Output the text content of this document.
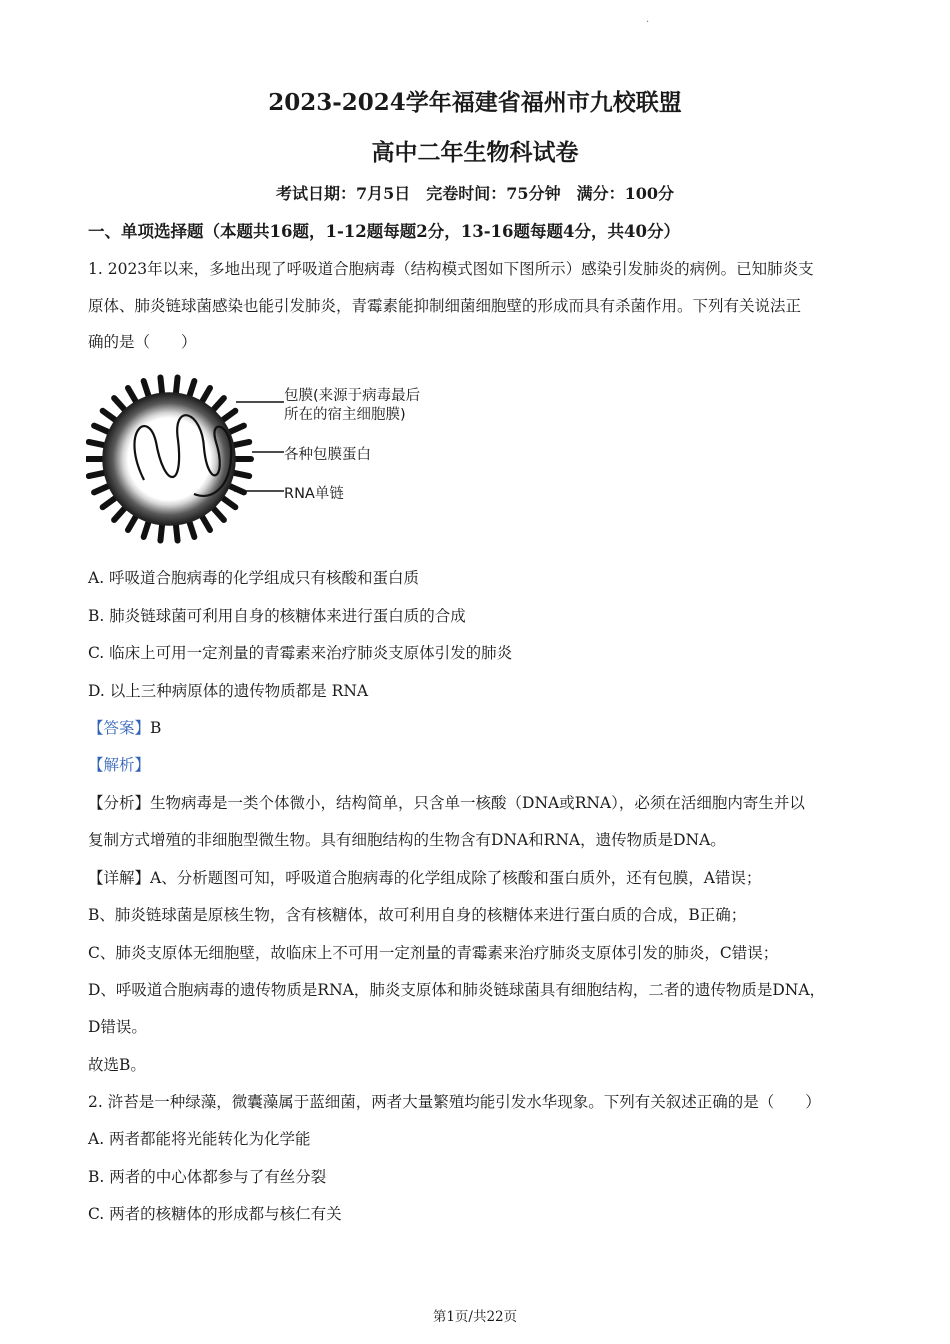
.
2023-2024学年福建省福州市九校联盟
高中二年生物科试卷
考试日期：7月5日　完卷时间：75分钟　满分：100分
一、单项选择题（本题共16题，1-12题每题2分，13-16题每题4分，共40分）
1. 2023年以来，多地出现了呼吸道合胞病毒（结构模式图如下图所示）感染引发肺炎的病例。已知肺炎支
原体、肺炎链球菌感染也能引发肺炎，青霉素能抑制细菌细胞壁的形成而具有杀菌作用。下列有关说法正
确的是（　　）
包膜(来源于病毒最后
所在的宿主细胞膜)
各种包膜蛋白
RNA单链
A. 呼吸道合胞病毒的化学组成只有核酸和蛋白质
B. 肺炎链球菌可利用自身的核糖体来进行蛋白质的合成
C. 临床上可用一定剂量的青霉素来治疗肺炎支原体引发的肺炎
D. 以上三种病原体的遗传物质都是 RNA
【答案】B
【解析】
【分析】生物病毒是一类个体微小，结构简单，只含单一核酸（DNA或RNA），必须在活细胞内寄生并以
复制方式增殖的非细胞型微生物。具有细胞结构的生物含有DNA和RNA，遗传物质是DNA。
【详解】A、分析题图可知，呼吸道合胞病毒的化学组成除了核酸和蛋白质外，还有包膜，A错误；
B、肺炎链球菌是原核生物，含有核糖体，故可利用自身的核糖体来进行蛋白质的合成，B正确；
C、肺炎支原体无细胞壁，故临床上不可用一定剂量的青霉素来治疗肺炎支原体引发的肺炎，C错误；
D、呼吸道合胞病毒的遗传物质是RNA，肺炎支原体和肺炎链球菌具有细胞结构，二者的遗传物质是DNA，
D错误。
故选B。
2. 浒苔是一种绿藻，微囊藻属于蓝细菌，两者大量繁殖均能引发水华现象。下列有关叙述正确的是（　　）
A. 两者都能将光能转化为化学能
B. 两者的中心体都参与了有丝分裂
C. 两者的核糖体的形成都与核仁有关
第1页/共22页
